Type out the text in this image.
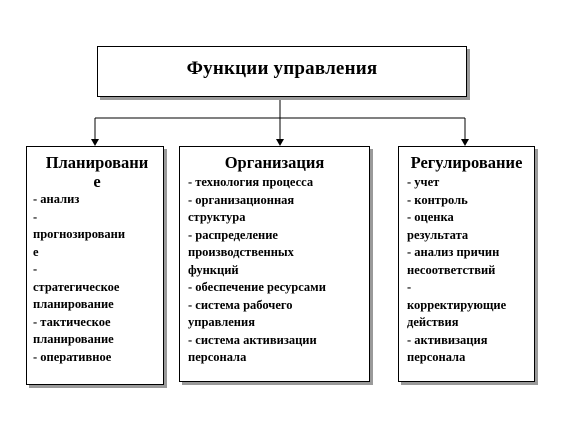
Функции управления
Планировани
е
- анализ
-
прогнозировани
е
-
стратегическое
планирование
- тактическое
планирование
- оперативное
Организация
- технология процесса
- организационная
структура
- распределение
производственных
функций
- обеспечение ресурсами
- система рабочего
управления
- система активизации
персонала
Регулирование
- учет
- контроль
- оценка
результата
- анализ причин
несоответствий
-
корректирующие
действия
- активизация
персонала
